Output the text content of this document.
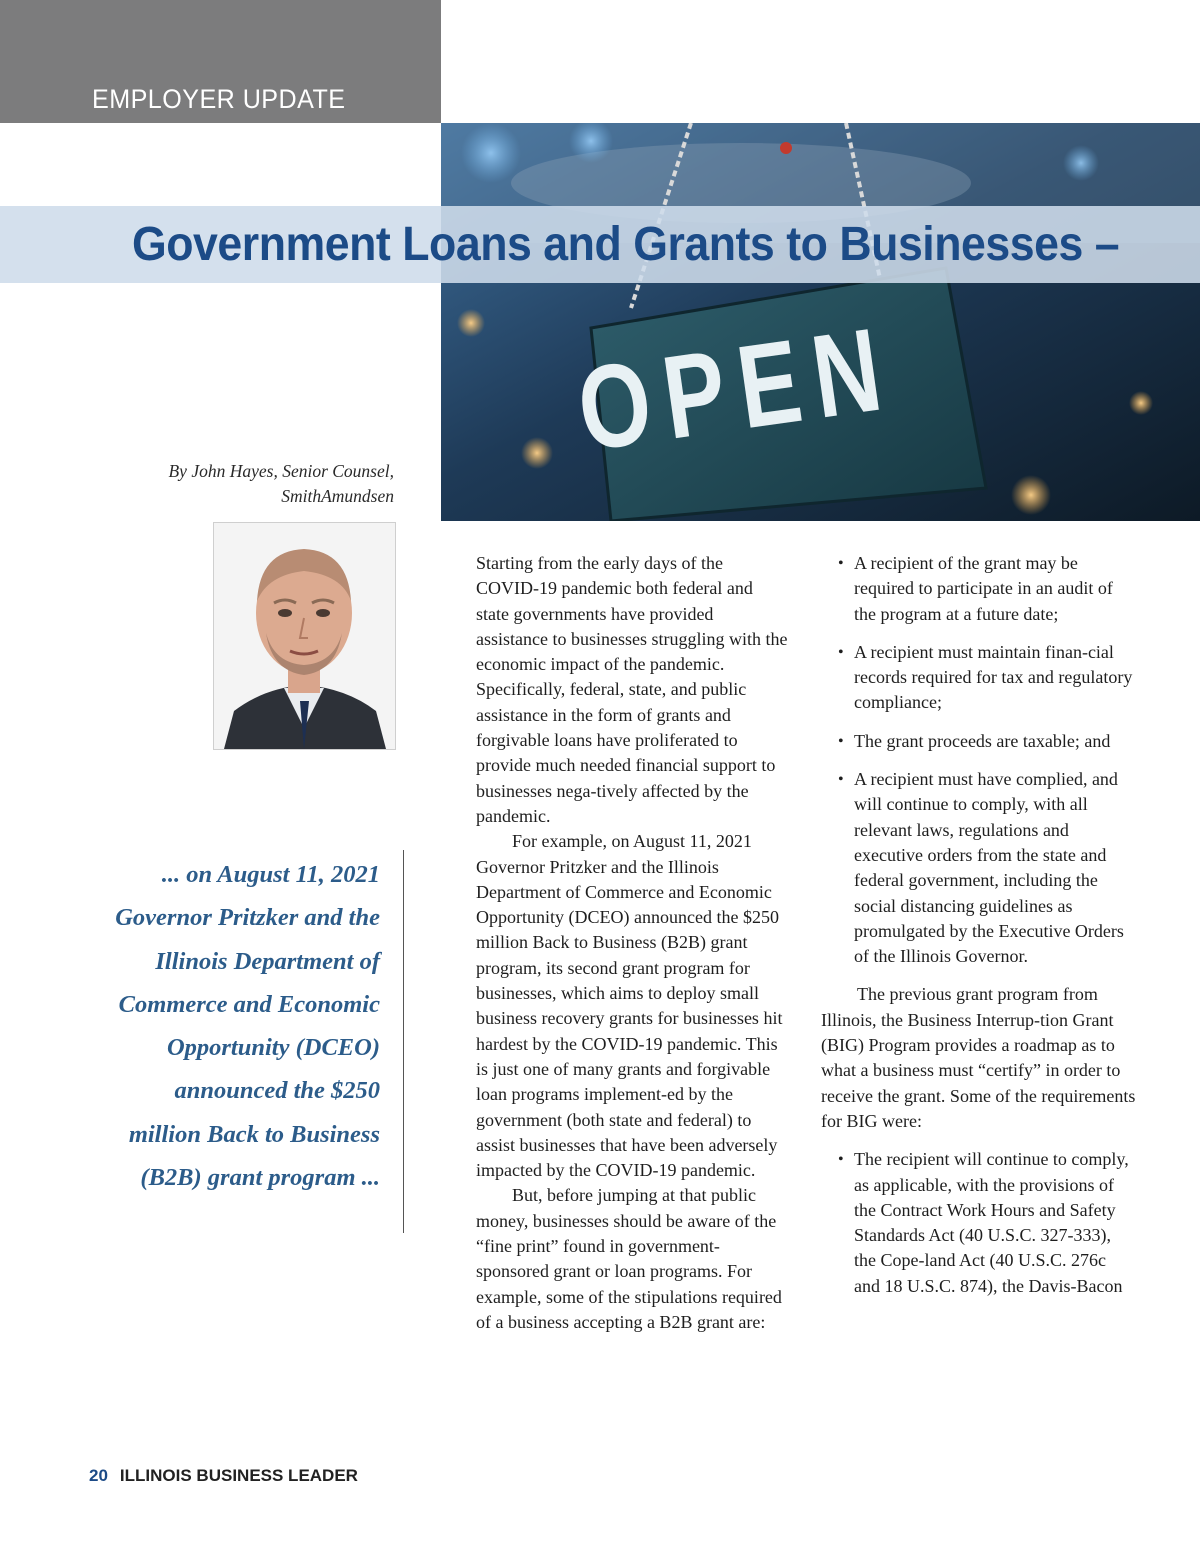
EMPLOYER UPDATE
OPEN
Government Loans and Grants to Businesses –
By John Hayes, Senior Counsel,
SmithAmundsen
... on August 11, 2021 Governor Pritzker and the Illinois Department of Commerce and Economic Opportunity (DCEO) announced the $250 million Back to Business (B2B) grant program ...

Starting from the early days of the COVID-19 pandemic both federal and state governments have provided assistance to businesses struggling with the economic impact of the pandemic. Specifically, federal, state, and public assistance in the form of grants and forgivable loans have proliferated to provide much needed financial support to businesses nega-tively affected by the pandemic.

For example, on August 11, 2021 Governor Pritzker and the Illinois Department of Commerce and Economic Opportunity (DCEO) announced the $250 million Back to Business (B2B) grant program, its second grant program for businesses, which aims to deploy small business recovery grants for businesses hit hardest by the COVID-19 pandemic. This is just one of many grants and forgivable loan programs implement-ed by the government (both state and federal) to assist businesses that have been adversely impacted by the COVID-19 pandemic.

But, before jumping at that public money, businesses should be aware of the “fine print” found in government-sponsored grant or loan programs. For example, some of the stipulations required of a business accepting a B2B grant are:

• A recipient of the grant may be required to participate in an audit of the program at a future date;
• A recipient must maintain finan-cial records required for tax and regulatory compliance;
• The grant proceeds are taxable; and
• A recipient must have complied, and will continue to comply, with all relevant laws, regulations and executive orders from the state and federal government, including the social distancing guidelines as promulgated by the Executive Orders of the Illinois Governor.

The previous grant program from Illinois, the Business Interrup-tion Grant (BIG) Program provides a roadmap as to what a business must “certify” in order to receive the grant. Some of the requirements for BIG were:

• The recipient will continue to comply, as applicable, with the provisions of the Contract Work Hours and Safety Standards Act (40 U.S.C. 327-333), the Cope-land Act (40 U.S.C. 276c and 18 U.S.C. 874), the Davis-Bacon
20 ILLINOIS BUSINESS LEADER
